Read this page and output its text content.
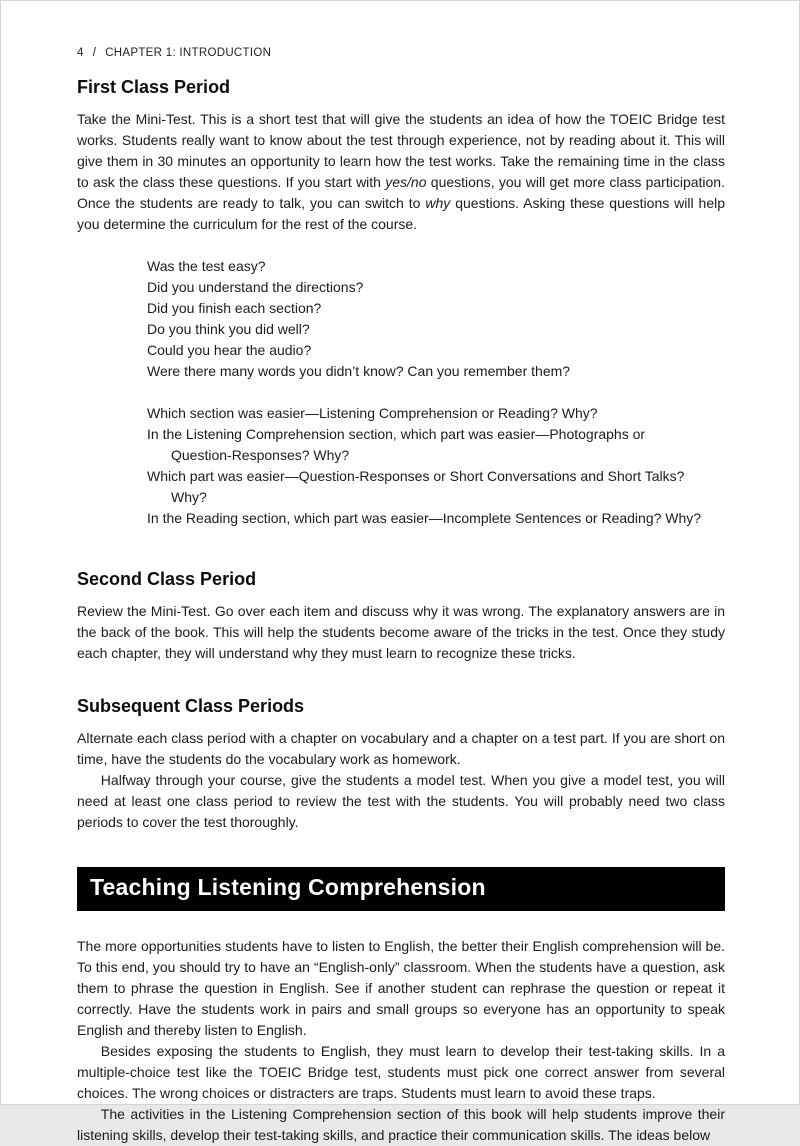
4 / CHAPTER 1: INTRODUCTION
First Class Period

Take the Mini-Test. This is a short test that will give the students an idea of how the TOEIC Bridge test works. Students really want to know about the test through experience, not by reading about it. This will give them in 30 minutes an opportunity to learn how the test works. Take the remaining time in the class to ask the class these questions. If you start with yes/no questions, you will get more class participation. Once the students are ready to talk, you can switch to why questions. Asking these questions will help you determine the curriculum for the rest of the course.

Was the test easy?
Did you understand the directions?
Did you finish each section?
Do you think you did well?
Could you hear the audio?
Were there many words you didn’t know? Can you remember them?
Which section was easier—Listening Comprehension or Reading? Why?
In the Listening Comprehension section, which part was easier—Photographs or
Question-Responses? Why?
Which part was easier—Question-Responses or Short Conversations and Short Talks?
Why?
In the Reading section, which part was easier—Incomplete Sentences or Reading? Why?
Second Class Period

Review the Mini-Test. Go over each item and discuss why it was wrong. The explanatory answers are in the back of the book. This will help the students become aware of the tricks in the test. Once they study each chapter, they will understand why they must learn to recognize these tricks.

Subsequent Class Periods

Alternate each class period with a chapter on vocabulary and a chapter on a test part. If you are short on time, have the students do the vocabulary work as homework.

Halfway through your course, give the students a model test. When you give a model test, you will need at least one class period to review the test with the students. You will probably need two class periods to cover the test thoroughly.

Teaching Listening Comprehension

The more opportunities students have to listen to English, the better their English comprehension will be. To this end, you should try to have an “English-only” classroom. When the students have a question, ask them to phrase the question in English. See if another student can rephrase the question or repeat it correctly. Have the students work in pairs and small groups so everyone has an opportunity to speak English and thereby listen to English.

Besides exposing the students to English, they must learn to develop their test-taking skills. In a multiple-choice test like the TOEIC Bridge test, students must pick one correct answer from several choices. The wrong choices or distracters are traps. Students must learn to avoid these traps.

The activities in the Listening Comprehension section of this book will help students improve their listening skills, develop their test-taking skills, and practice their communication skills. The ideas below
